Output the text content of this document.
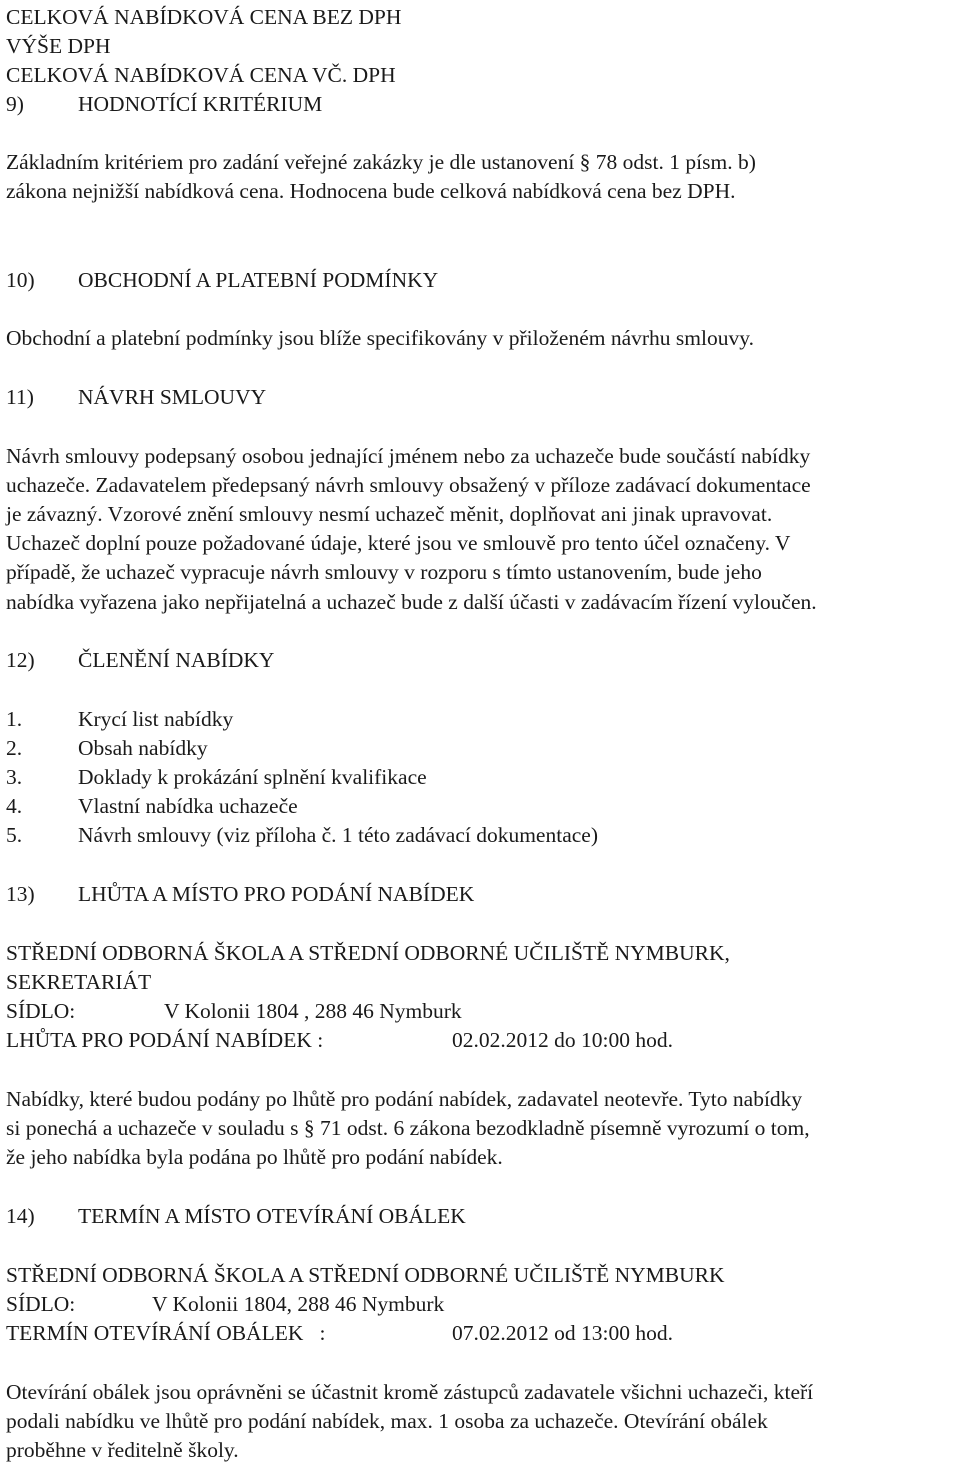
CELKOVÁ NABÍDKOVÁ CENA BEZ DPH
VÝŠE DPH
CELKOVÁ NABÍDKOVÁ CENA VČ. DPH
9)	HODNOTÍCÍ KRITÉRIUM
Základním kritériem pro zadání veřejné zakázky je dle ustanovení § 78 odst. 1 písm. b)
zákona nejnižší nabídková cena. Hodnocena bude celková nabídková cena bez DPH.
10) OBCHODNÍ A PLATEBNÍ PODMÍNKY
Obchodní a platební podmínky jsou blíže specifikovány v přiloženém návrhu smlouvy.
11) NÁVRH SMLOUVY
Návrh smlouvy podepsaný osobou jednající jménem nebo za uchazeče bude součástí nabídky
uchazeče. Zadavatelem předepsaný návrh smlouvy obsažený v příloze zadávací dokumentace
je závazný. Vzorové znění smlouvy nesmí uchazeč měnit, doplňovat ani jinak upravovat.
Uchazeč doplní pouze požadované údaje, které jsou ve smlouvě pro tento účel označeny. V
případě, že uchazeč vypracuje návrh smlouvy v rozporu s tímto ustanovením, bude jeho
nabídka vyřazena jako nepřijatelná a uchazeč bude z další účasti v zadávacím řízení vyloučen.
12) ČLENĚNÍ NABÍDKY
1.	Krycí list nabídky
2.	Obsah nabídky
3.	Doklady k prokázání splnění kvalifikace
4.	Vlastní nabídka uchazeče
5.	Návrh smlouvy (viz příloha č. 1 této zadávací dokumentace)
13) LHŮTA A MÍSTO PRO PODÁNÍ NABÍDEK
STŘEDNÍ ODBORNÁ ŠKOLA A STŘEDNÍ ODBORNÉ UČILIŠTĚ NYMBURK,
SEKRETARIÁT
SÍDLO:	V Kolonii 1804 , 288 46 Nymburk
LHŮTA PRO PODÁNÍ NABÍDEK :	02.02.2012 do 10:00 hod.
Nabídky, které budou podány po lhůtě pro podání nabídek, zadavatel neotevře. Tyto nabídky
si ponechá a uchazeče v souladu s § 71 odst. 6 zákona bezodkladně písemně vyrozumí o tom,
že jeho nabídka byla podána po lhůtě pro podání nabídek.
14) TERMÍN A MÍSTO OTEVÍRÁNÍ OBÁLEK
STŘEDNÍ ODBORNÁ ŠKOLA A STŘEDNÍ ODBORNÉ UČILIŠTĚ NYMBURK
SÍDLO:	V Kolonii 1804, 288 46 Nymburk
TERMÍN OTEVÍRÁNÍ OBÁLEK   :	07.02.2012 od 13:00 hod.
Otevírání obálek jsou oprávněni se účastnit kromě zástupců zadavatele všichni uchazeči, kteří
podali nabídku ve lhůtě pro podání nabídek, max. 1 osoba za uchazeče. Otevírání obálek
proběhne v ředitelně školy.
